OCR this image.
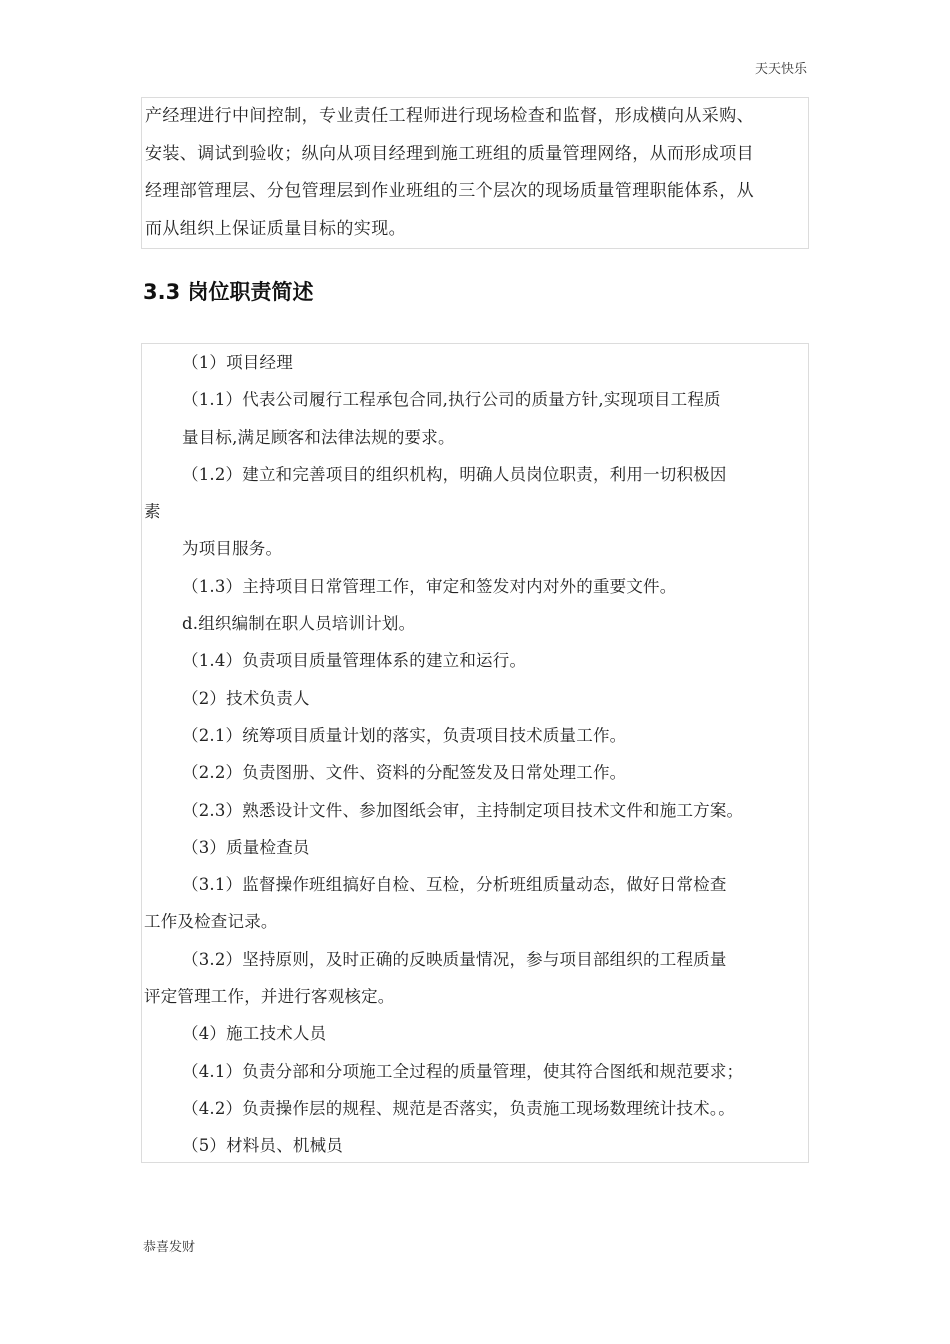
天天快乐

产经理进行中间控制，专业责任工程师进行现场检查和监督，形成横向从采购、

安装、调试到验收；纵向从项目经理到施工班组的质量管理网络，从而形成项目

经理部管理层、分包管理层到作业班组的三个层次的现场质量管理职能体系，从

而从组织上保证质量目标的实现。

3.3 岗位职责简述
（1）项目经理
（1.1）代表公司履行工程承包合同,执行公司的质量方针,实现项目工程质
量目标,满足顾客和法律法规的要求。
（1.2）建立和完善项目的组织机构，明确人员岗位职责，利用一切积极因
素
为项目服务。
（1.3）主持项目日常管理工作，审定和签发对内对外的重要文件。
d.组织编制在职人员培训计划。
（1.4）负责项目质量管理体系的建立和运行。
（2）技术负责人
（2.1）统筹项目质量计划的落实，负责项目技术质量工作。
（2.2）负责图册、文件、资料的分配签发及日常处理工作。
（2.3）熟悉设计文件、参加图纸会审，主持制定项目技术文件和施工方案。
（3）质量检查员
（3.1）监督操作班组搞好自检、互检，分析班组质量动态，做好日常检查
工作及检查记录。
（3.2）坚持原则，及时正确的反映质量情况，参与项目部组织的工程质量
评定管理工作，并进行客观核定。
（4）施工技术人员
（4.1）负责分部和分项施工全过程的质量管理，使其符合图纸和规范要求；
（4.2）负责操作层的规程、规范是否落实，负责施工现场数理统计技术。。
（5）材料员、机械员
恭喜发财
